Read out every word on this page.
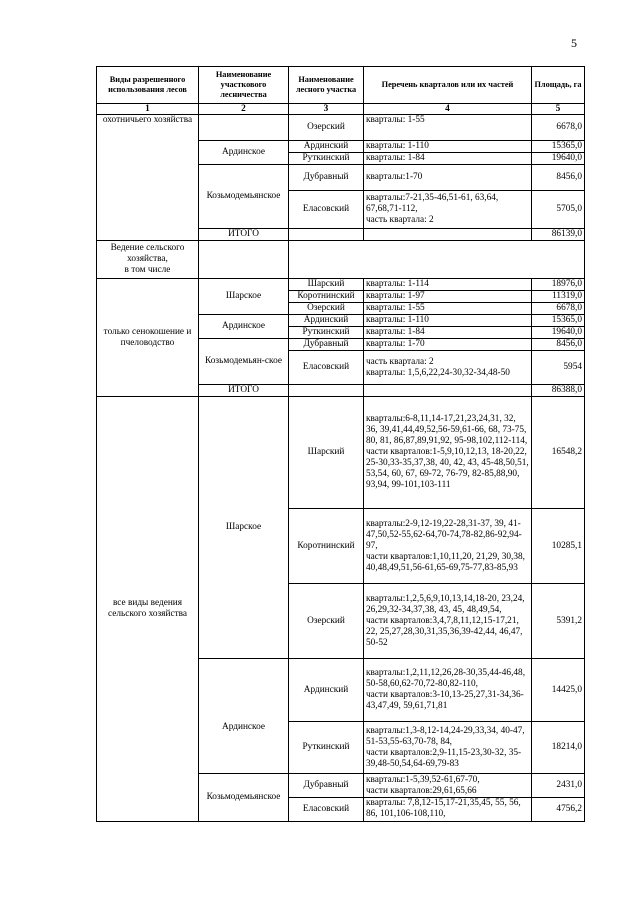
5
Виды разрешенного использования лесов	Наименование участкового лесничества	Наименование лесного участка	Перечень кварталов или их частей	Площадь, га
1	2	3	4	5
охотничьего хозяйства		Озерский	кварталы: 1-55	6678,0
	Ардинское	Ардинский	кварталы: 1-110	15365,0
		Руткинский	кварталы: 1-84	19640,0
	Козьмодемьянское	Дубравный	кварталы:1-70	8456,0
		Еласовский	кварталы:7-21,35-46,51-61, 63,64, 67,68,71-112,
часть квартала: 2	5705,0
	ИТОГО			86139,0
Ведение сельского хозяйства,
в том числе				
только сенокошение и пчеловодство	Шарское	Шарский	кварталы: 1-114	18976,0
		Коротнинский	кварталы: 1-97	11319,0
		Озерский	кварталы: 1-55	6678,0
	Ардинское	Ардинский	кварталы: 1-110	15365,0
		Руткинский	кварталы: 1-84	19640,0
	Козьмодемьян-ское	Дубравный	кварталы: 1-70	8456,0
		Еласовский	часть квартала: 2
кварталы: 1,5,6,22,24-30,32-34,48-50	5954
	ИТОГО			86388,0
все виды ведения сельского хозяйства	Шарское	Шарский	кварталы:6-8,11,14-17,21,23,24,31, 32, 36, 39,41,44,49,52,56-59,61-66, 68, 73-75, 80, 81, 86,87,89,91,92, 95-98,102,112-114,
части кварталов:1-5,9,10,12,13, 18-20,22, 25-30,33-35,37,38, 40, 42, 43, 45-48,50,51, 53,54, 60, 67, 69-72, 76-79, 82-85,88,90, 93,94, 99-101,103-111	16548,2
		Коротнинский	кварталы:2-9,12-19,22-28,31-37, 39, 41-47,50,52-55,62-64,70-74,78-82,86-92,94-97,
части кварталов:1,10,11,20, 21,29, 30,38, 40,48,49,51,56-61,65-69,75-77,83-85,93	10285,1
		Озерский	кварталы:1,2,5,6,9,10,13,14,18-20, 23,24, 26,29,32-34,37,38, 43, 45, 48,49,54,
части кварталов:3,4,7,8,11,12,15-17,21, 22, 25,27,28,30,31,35,36,39-42,44, 46,47, 50-52	5391,2
	Ардинское	Ардинский	кварталы:1,2,11,12,26,28-30,35,44-46,48, 50-58,60,62-70,72-80,82-110,
части кварталов:3-10,13-25,27,31-34,36-43,47,49, 59,61,71,81	14425,0
		Руткинский	кварталы:1,3-8,12-14,24-29,33,34, 40-47, 51-53,55-63,70-78, 84,
части кварталов:2,9-11,15-23,30-32, 35-39,48-50,54,64-69,79-83	18214,0
	Козьмодемьянское	Дубравный	кварталы:1-5,39,52-61,67-70,
части кварталов:29,61,65,66	2431,0
		Еласовский	кварталы: 7,8,12-15,17-21,35,45, 55, 56, 86, 101,106-108,110,	4756,2
